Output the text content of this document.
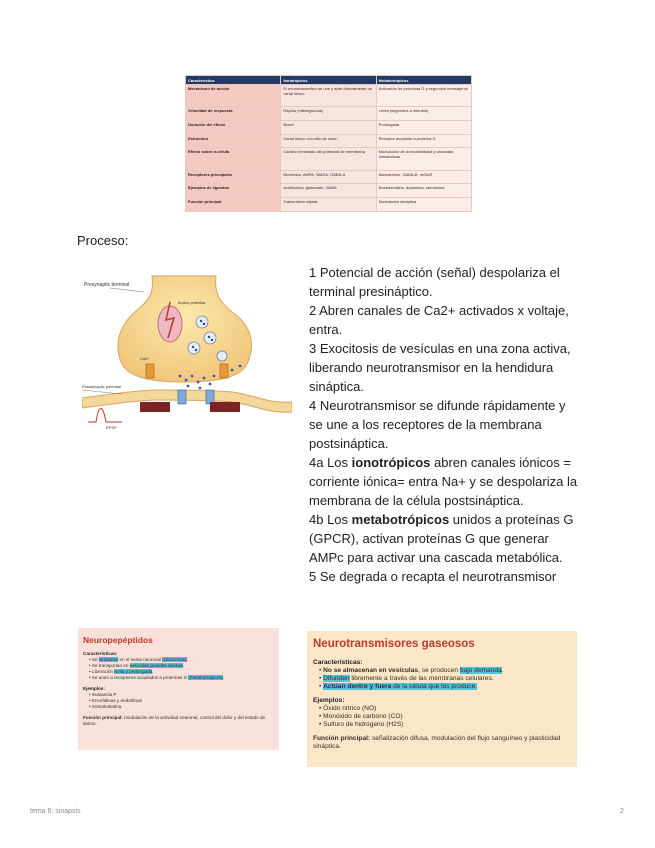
Característica	Ionotrópicos	Metabotrópicos
Mecanismo de acción	El neurotransmisor se une y abre directamente un canal iónico	Activación de proteínas G y segundos mensajeros
Velocidad de respuesta	Rápida (milisegundos)	Lenta (segundos a minutos)
Duración del efecto	Breve	Prolongada
Estructura	Canal iónico con sitio de unión	Receptor acoplado a proteína G
Efecto sobre la célula	Cambio inmediato del potencial de membrana	Modulación de la excitabilidad y cascadas metabólicas
Receptores principales	Nicotínico, AMPA, NMDA, GABA-A	Muscarínico, GABA-B, mGluR
Ejemplos de ligandos	Acetilcolina, glutamato, GABA	Noradrenalina, dopamina, serotonina
Función principal	Transmisión rápida	Modulación sináptica
Proceso:
Presynaptic terminal
Action potential
Ca2+
Postsynaptic potential
EPSP

1 Potencial de acción (señal) despolariza el terminal presináptico.

2 Abren canales de Ca2+ activados x voltaje, entra.

3 Exocitosis de vesículas en una zona activa, liberando neurotransmisor en la hendidura sináptica.

4 Neurotransmisor se difunde rápidamente y se une a los receptores de la membrana postsináptica.

4a Los ionotrópicos abren canales iónicos = corriente iónica= entra Na+ y se despolariza la membrana de la célula postsináptica.

4b Los metabotrópicos unidos a proteínas G (GPCR), activan proteínas G que generar AMPc para activar una cascada metabólica.

5 Se degrada o recapta el neurotransmisor

Neuropepéptidos
Características:
• Se sintetizan en el soma neuronal (ribosomas).
• Se transportan en vesículas grandes densas.
• Liberación lenta y prolongada.
• Se unen a receptores acoplados a proteínas G (metabotrópicos).
Ejemplos:
• Sustancia P
• Encefalinas y endorfinas
• Somatostatina
Función principal: modulación de la actividad neuronal, control del dolor y del estado de ánimo.
Neurotransmisores gaseosos
Características:
• No se almacenan en vesículas, se producen bajo demanda.
• Difunden libremente a través de las membranas celulares.
• Actúan dentro y fuera de la célula que los produce.
Ejemplos:
• Óxido nítrico (NO)
• Monóxido de carbono (CO)
• Sulfuro de hidrógeno (H2S)
Función principal: señalización difusa, modulación del flujo sanguíneo y plasticidad sináptica.
tema 6: sinapsis	2
